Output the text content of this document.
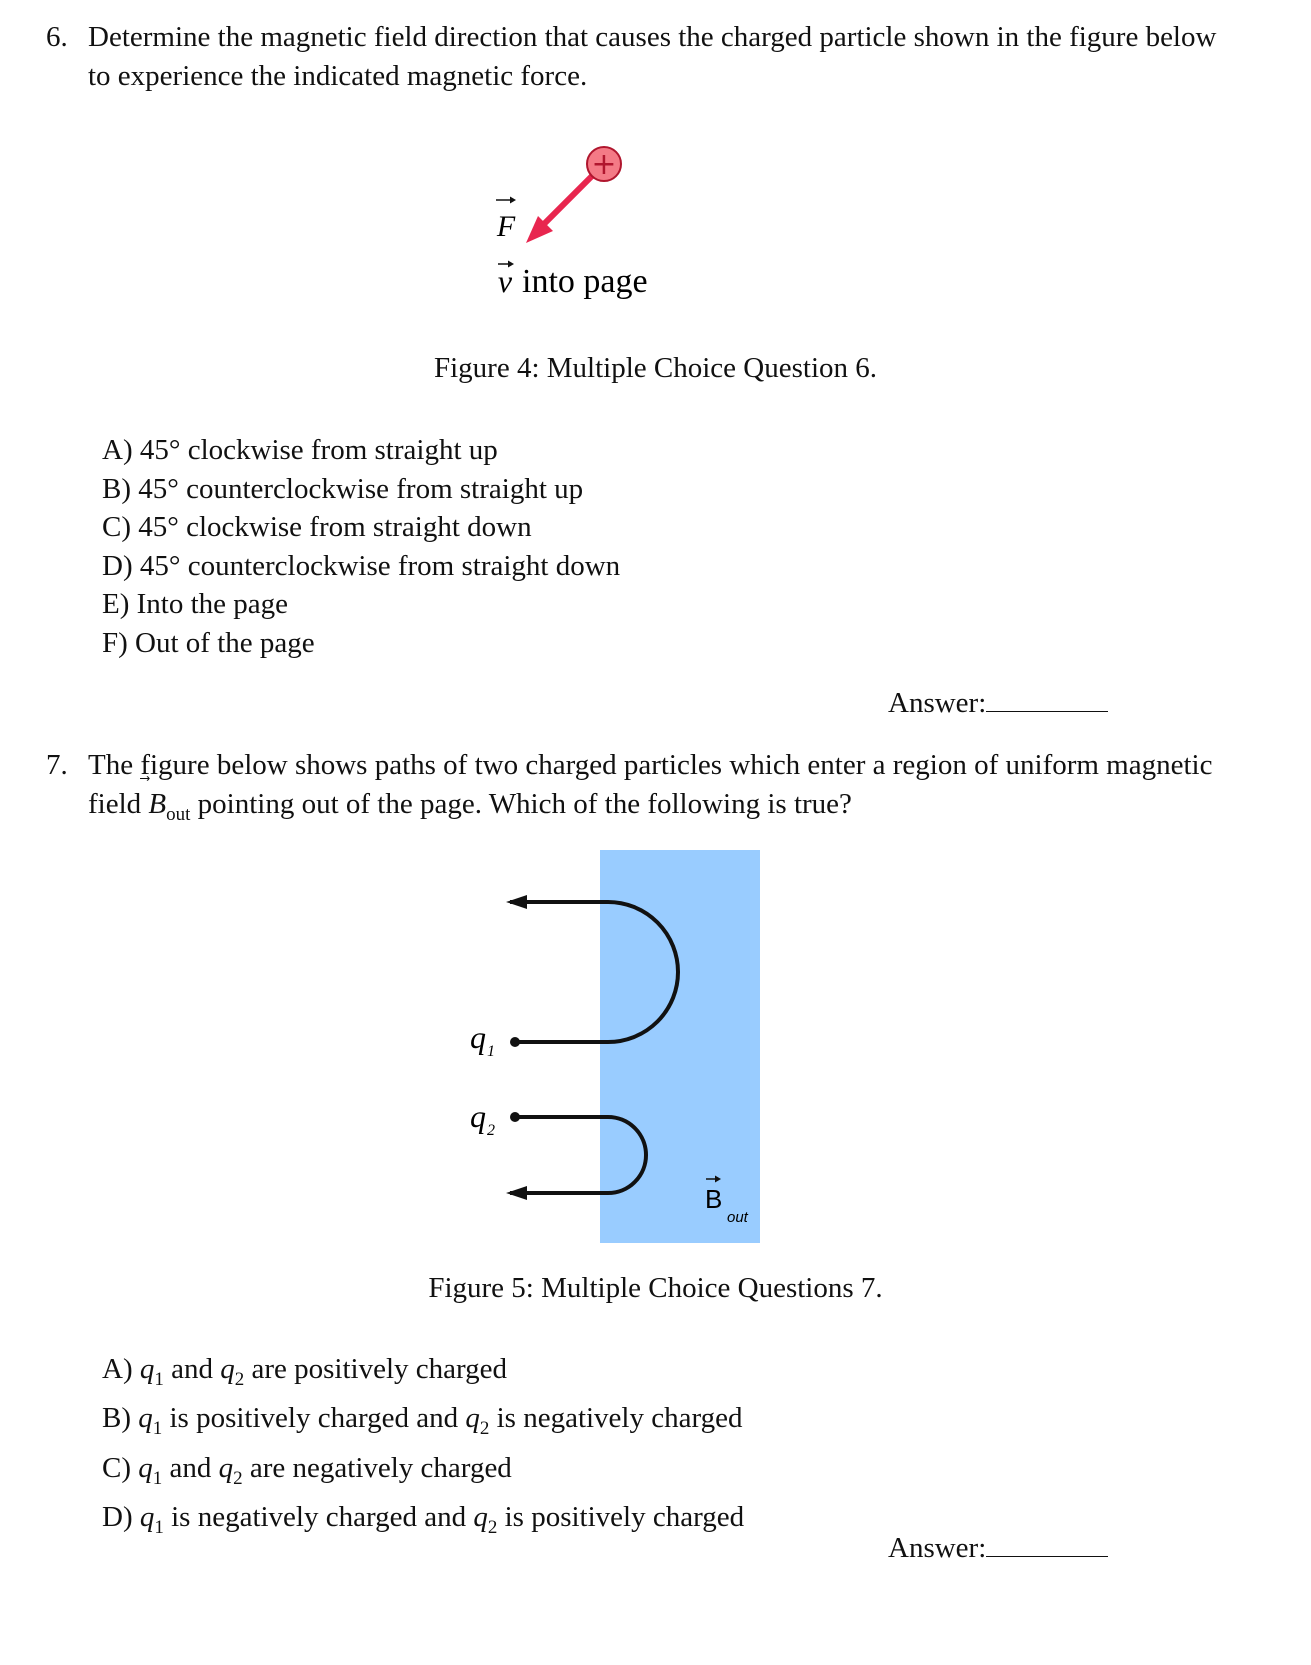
6. Determine the magnetic field direction that causes the charged particle shown in the figure below to experience the indicated magnetic force.
+
F
v into page
Figure 4: Multiple Choice Question 6.
A) 45° clockwise from straight up
B) 45° counterclockwise from straight up
C) 45° clockwise from straight down
D) 45° counterclockwise from straight down
E) Into the page
F) Out of the page
Answer:
7. The figure below shows paths of two charged particles which enter a region of uniform magnetic field
$B_{out}$ pointing out of the page. Which of the following is true?
q 1
q 2
B
out
Figure 5: Multiple Choice Questions 7.
A) $q_1$ and $q_2$ are positively charged
B) $q_1$ is positively charged and $q_2$ is negatively charged
C) $q_1$ and $q_2$ are negatively charged
D) $q_1$ is negatively charged and $q_2$ is positively charged
Answer:
